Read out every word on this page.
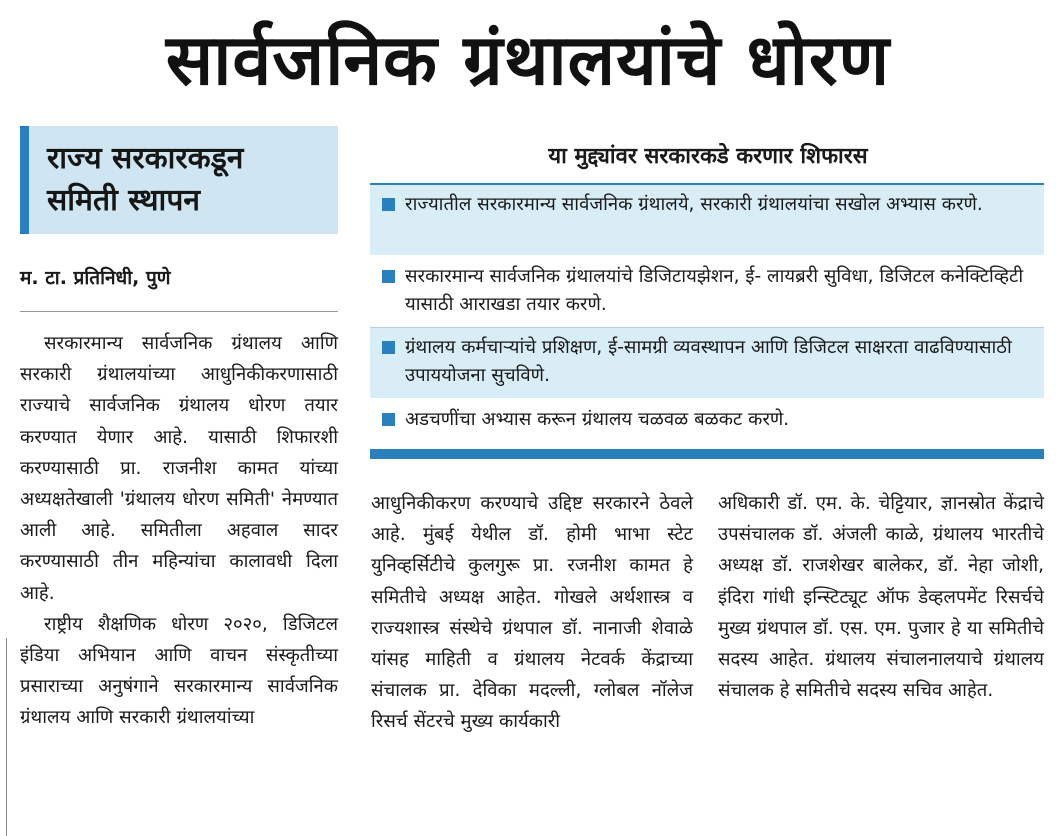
सार्वजनिक ग्रंथालयांचे धोरण
राज्य सरकारकडून
समिती स्थापन
म. टा. प्रतिनिधी, पुणे

सरकारमान्य सार्वजनिक ग्रंथालय आणि सरकारी ग्रंथालयांच्या आधुनिकीकरणासाठी राज्याचे सार्वजनिक ग्रंथालय धोरण तयार करण्यात येणार आहे. यासाठी शिफारशी करण्यासाठी प्रा. राजनीश कामत यांच्या अध्यक्षतेखाली 'ग्रंथालय धोरण समिती' नेमण्यात आली आहे. समितीला अहवाल सादर करण्यासाठी तीन महिन्यांचा कालावधी दिला आहे.

राष्ट्रीय शैक्षणिक धोरण २०२०, डिजिटल इंडिया अभियान आणि वाचन संस्कृतीच्या प्रसाराच्या अनुषंगाने सरकारमान्य सार्वजनिक ग्रंथालय आणि सरकारी ग्रंथालयांच्या

या मुद्द्यांवर सरकारकडे करणार शिफारस
राज्यातील सरकारमान्य सार्वजनिक ग्रंथालये, सरकारी ग्रंथालयांचा सखोल अभ्यास करणे.
सरकारमान्य सार्वजनिक ग्रंथालयांचे डिजिटायझेशन, ई- लायब्ररी सुविधा, डिजिटल कनेक्टिव्हिटी यासाठी आराखडा तयार करणे.
ग्रंथालय कर्मचाऱ्यांचे प्रशिक्षण, ई-सामग्री व्यवस्थापन आणि डिजिटल साक्षरता वाढविण्यासाठी उपाययोजना सुचविणे.
अडचणींचा अभ्यास करून ग्रंथालय चळवळ बळकट करणे.

आधुनिकीकरण करण्याचे उद्दिष्ट सरकारने ठेवले आहे. मुंबई येथील डॉ. होमी भाभा स्टेट युनिव्हर्सिटीचे कुलगुरू प्रा. रजनीश कामत हे समितीचे अध्यक्ष आहेत. गोखले अर्थशास्त्र व राज्यशास्त्र संस्थेचे ग्रंथपाल डॉ. नानाजी शेवाळे यांसह माहिती व ग्रंथालय नेटवर्क केंद्राच्या संचालक प्रा. देविका मदल्ली, ग्लोबल नॉलेज रिसर्च सेंटरचे मुख्य कार्यकारी

अधिकारी डॉ. एम. के. चेट्टियार, ज्ञानस्रोत केंद्राचे उपसंचालक डॉ. अंजली काळे, ग्रंथालय भारतीचे अध्यक्ष डॉ. राजशेखर बालेकर, डॉ. नेहा जोशी, इंदिरा गांधी इन्स्टिट्यूट ऑफ डेव्हलपमेंट रिसर्चचे मुख्य ग्रंथपाल डॉ. एस. एम. पुजार हे या समितीचे सदस्य आहेत. ग्रंथालय संचालनालयाचे ग्रंथालय संचालक हे समितीचे सदस्य सचिव आहेत.
